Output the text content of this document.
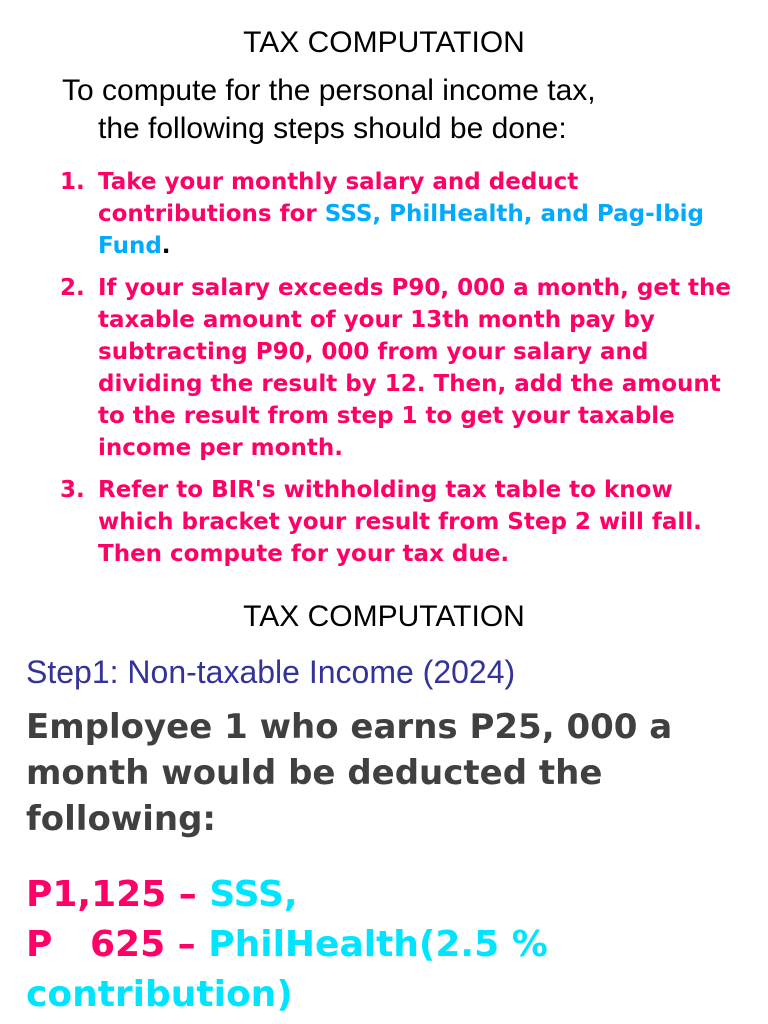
TAX COMPUTATION
To compute for the personal income tax,
the following steps should be done:
1. Take your monthly salary and deduct contributions for SSS, PhilHealth, and Pag-Ibig Fund.
2. If your salary exceeds P90, 000 a month, get the taxable amount of your 13th month pay by subtracting P90, 000 from your salary and dividing the result by 12. Then, add the amount to the result from step 1 to get your taxable income per month.
3. Refer to BIR's withholding tax table to know which bracket your result from Step 2 will fall. Then compute for your tax due.
TAX COMPUTATION
Step1: Non-taxable Income (2024)
Employee 1 who earns P25, 000 a month would be deducted the following:
P1,125 – SSS,
P   625 – PhilHealth(2.5 % contribution)
